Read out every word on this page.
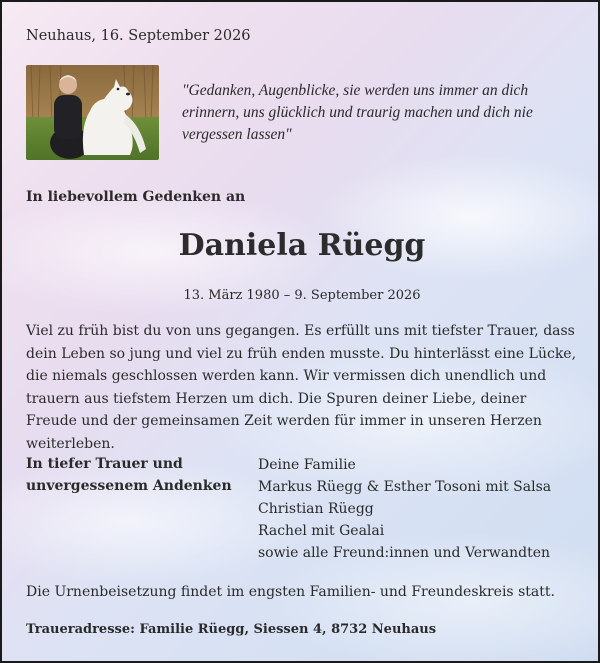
Neuhaus, 16. September 2026

"Gedanken, Augenblicke, sie werden uns immer an dich erinnern, uns glücklich und traurig machen und dich nie vergessen lassen"

In liebevollem Gedenken an

Daniela Rüegg

13. März 1980 – 9. September 2026

Viel zu früh bist du von uns gegangen. Es erfüllt uns mit tiefster Trauer, dass dein Leben so jung und viel zu früh enden musste. Du hinterlässt eine Lücke, die niemals geschlossen werden kann. Wir vermissen dich unendlich und trauern aus tiefstem Herzen um dich. Die Spuren deiner Liebe, deiner Freude und der gemeinsamen Zeit werden für immer in unseren Herzen weiterleben.

In tiefer Trauer und
unvergessenem Andenken
Deine Familie
Markus Rüegg & Esther Tosoni mit Salsa
Christian Rüegg
Rachel mit Gealai
sowie alle Freund:innen und Verwandten

Die Urnenbeisetzung findet im engsten Familien- und Freundeskreis statt.

Traueradresse: Familie Rüegg, Siessen 4, 8732 Neuhaus
